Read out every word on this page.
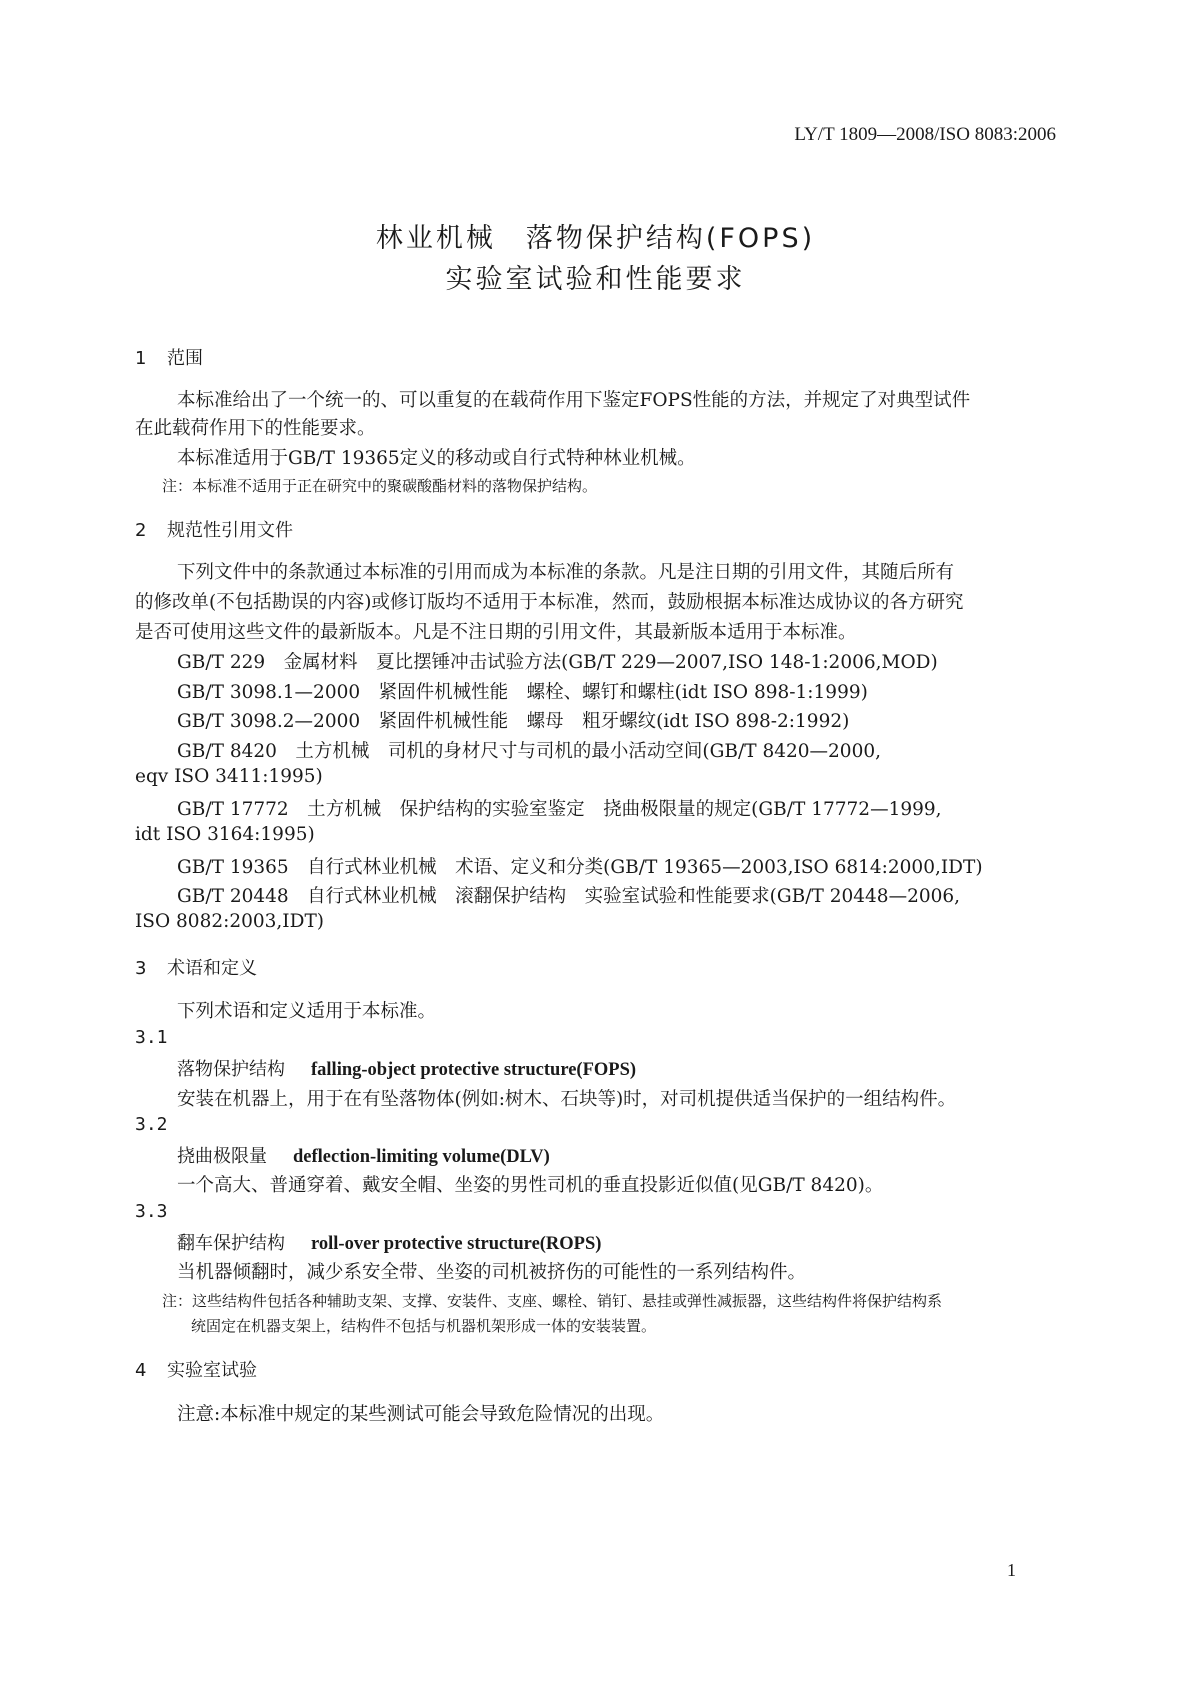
LY/T 1809—2008/ISO 8083:2006
林业机械　落物保护结构(FOPS)
实验室试验和性能要求
1 范围
本标准给出了一个统一的、可以重复的在载荷作用下鉴定FOPS性能的方法，并规定了对典型试件
在此载荷作用下的性能要求。
本标准适用于GB/T 19365定义的移动或自行式特种林业机械。
注：本标准不适用于正在研究中的聚碳酸酯材料的落物保护结构。
2 规范性引用文件
下列文件中的条款通过本标准的引用而成为本标准的条款。凡是注日期的引用文件，其随后所有
的修改单(不包括勘误的内容)或修订版均不适用于本标准，然而，鼓励根据本标准达成协议的各方研究
是否可使用这些文件的最新版本。凡是不注日期的引用文件，其最新版本适用于本标准。
GB/T 229　金属材料　夏比摆锤冲击试验方法(GB/T 229—2007,ISO 148-1:2006,MOD)
GB/T 3098.1—2000　紧固件机械性能　螺栓、螺钉和螺柱(idt ISO 898-1:1999)
GB/T 3098.2—2000　紧固件机械性能　螺母　粗牙螺纹(idt ISO 898-2:1992)
GB/T 8420　土方机械　司机的身材尺寸与司机的最小活动空间(GB/T 8420—2000,
eqv ISO 3411:1995)
GB/T 17772　土方机械　保护结构的实验室鉴定　挠曲极限量的规定(GB/T 17772—1999,
idt ISO 3164:1995)
GB/T 19365　自行式林业机械　术语、定义和分类(GB/T 19365—2003,ISO 6814:2000,IDT)
GB/T 20448　自行式林业机械　滚翻保护结构　实验室试验和性能要求(GB/T 20448—2006,
ISO 8082:2003,IDT)
3 术语和定义
下列术语和定义适用于本标准。
3.1
落物保护结构 falling-object protective structure(FOPS)
安装在机器上，用于在有坠落物体(例如:树木、石块等)时，对司机提供适当保护的一组结构件。
3.2
挠曲极限量 deflection-limiting volume(DLV)
一个高大、普通穿着、戴安全帽、坐姿的男性司机的垂直投影近似值(见GB/T 8420)。
3.3
翻车保护结构 roll-over protective structure(ROPS)
当机器倾翻时，减少系安全带、坐姿的司机被挤伤的可能性的一系列结构件。
注：这些结构件包括各种辅助支架、支撑、安装件、支座、螺栓、销钉、悬挂或弹性减振器，这些结构件将保护结构系
统固定在机器支架上，结构件不包括与机器机架形成一体的安装装置。
4 实验室试验
注意:本标准中规定的某些测试可能会导致危险情况的出现。
1
